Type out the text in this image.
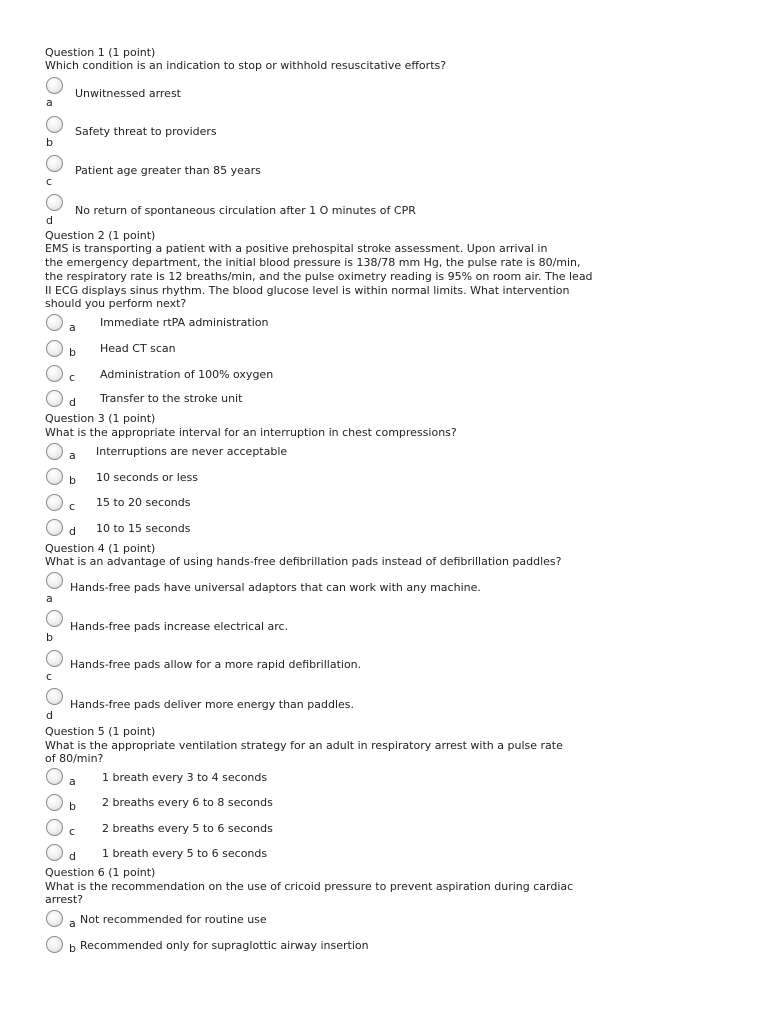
Question 1 (1 point)
Which condition is an indication to stop or withhold resuscitative efforts?
Unwitnessed arrest
a
Safety threat to providers
b
Patient age greater than 85 years
c
No return of spontaneous circulation after 1 O minutes of CPR
d
Question 2 (1 point)
EMS is transporting a patient with a positive prehospital stroke assessment. Upon arrival in
the emergency department, the initial blood pressure is 138/78 mm Hg, the pulse rate is 80/min,
the respiratory rate is 12 breaths/min, and the pulse oximetry reading is 95% on room air. The lead
II ECG displays sinus rhythm. The blood glucose level is within normal limits. What intervention
should you perform next?
a Immediate rtPA administration
b Head CT scan
c Administration of 100% oxygen
d Transfer to the stroke unit
Question 3 (1 point)
What is the appropriate interval for an interruption in chest compressions?
a Interruptions are never acceptable
b 10 seconds or less
c 15 to 20 seconds
d 10 to 15 seconds
Question 4 (1 point)
What is an advantage of using hands-free defibrillation pads instead of defibrillation paddles?
Hands-free pads have universal adaptors that can work with any machine.
a
Hands-free pads increase electrical arc.
b
Hands-free pads allow for a more rapid defibrillation.
c
Hands-free pads deliver more energy than paddles.
d
Question 5 (1 point)
What is the appropriate ventilation strategy for an adult in respiratory arrest with a pulse rate
of 80/min?
a 1 breath every 3 to 4 seconds
b 2 breaths every 6 to 8 seconds
c 2 breaths every 5 to 6 seconds
d 1 breath every 5 to 6 seconds
Question 6 (1 point)
What is the recommendation on the use of cricoid pressure to prevent aspiration during cardiac
arrest?
a Not recommended for routine use
b Recommended only for supraglottic airway insertion
